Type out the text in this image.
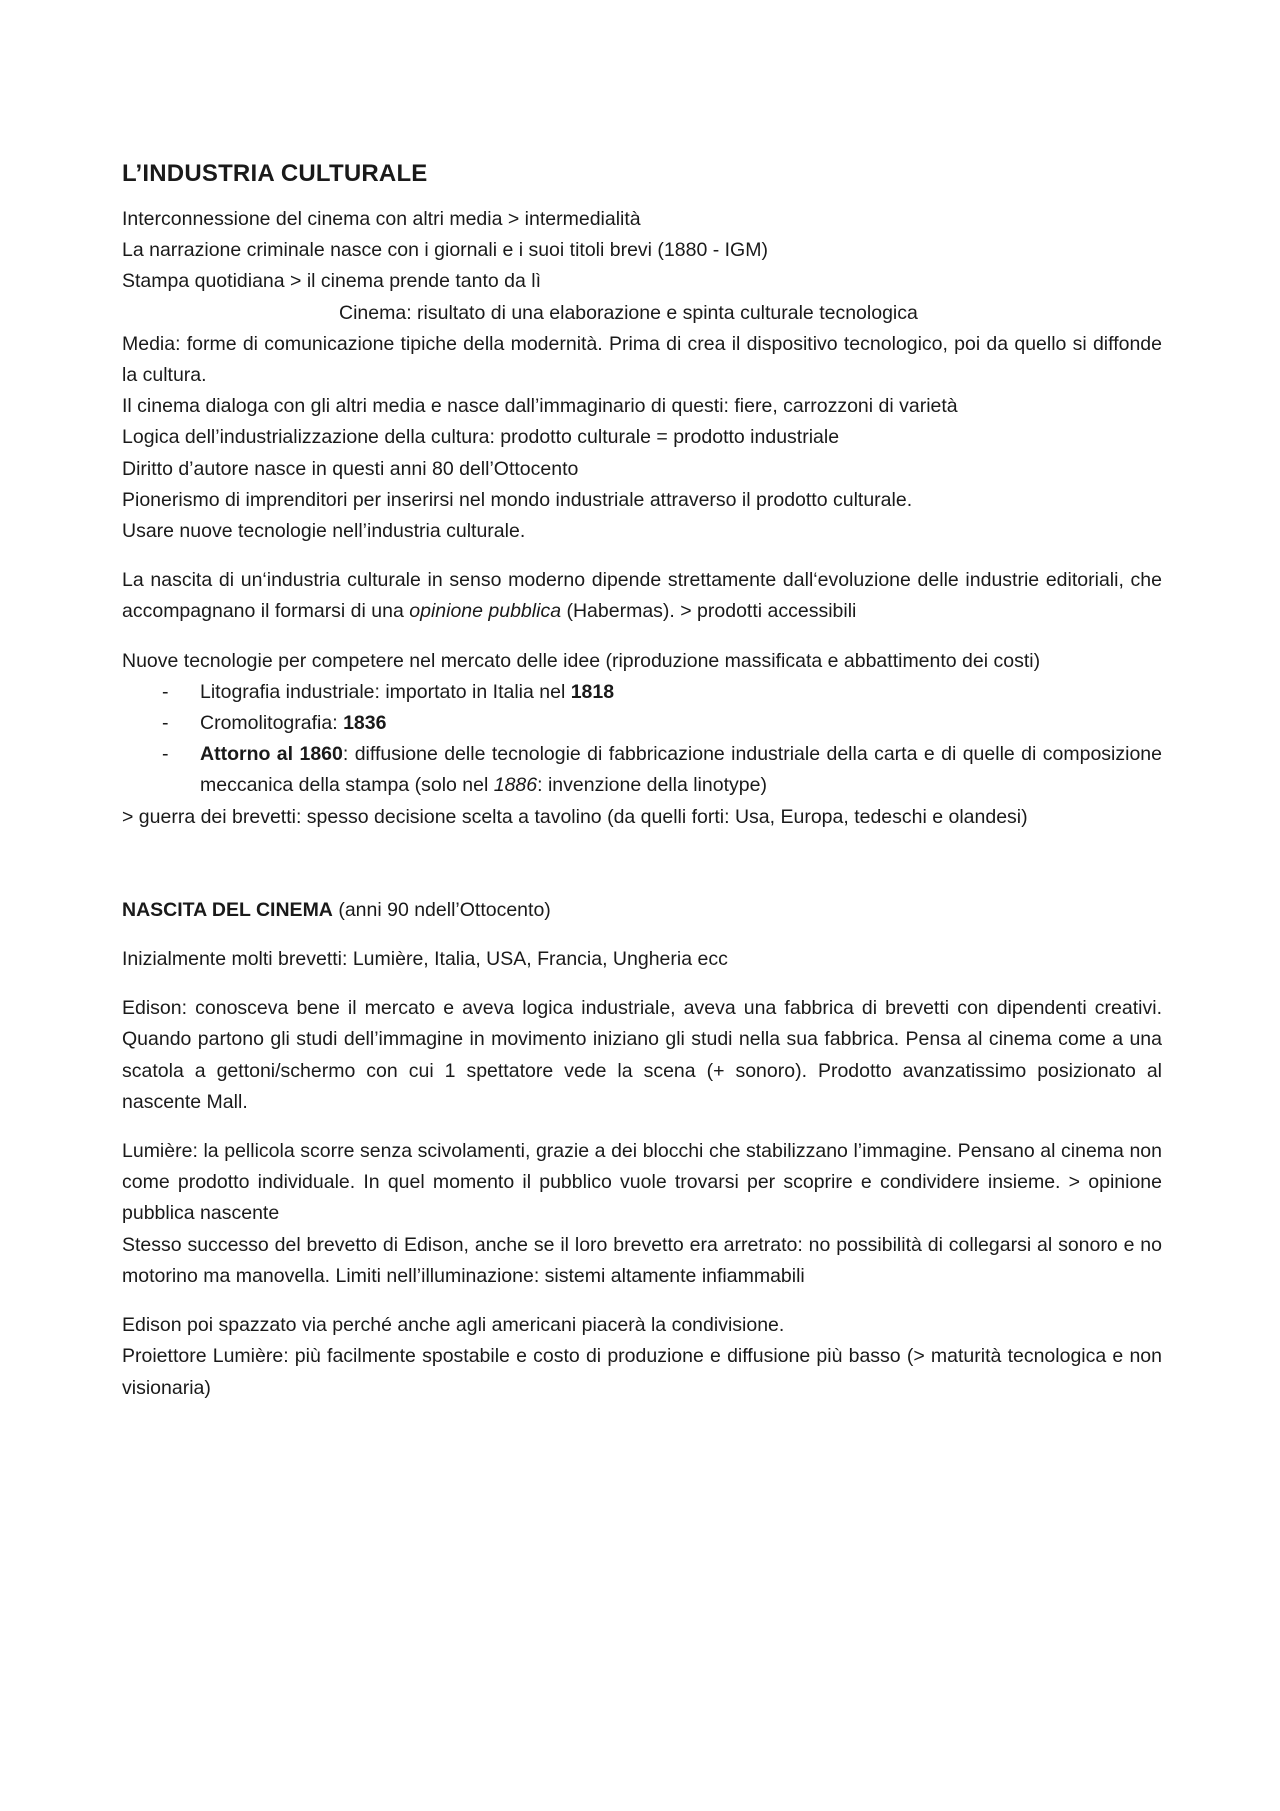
L’INDUSTRIA CULTURALE

Interconnessione del cinema con altri media > intermedialità

La narrazione criminale nasce con i giornali e i suoi titoli brevi (1880 - IGM)

Stampa quotidiana > il cinema prende tanto da lì

Cinema: risultato di una elaborazione e spinta culturale tecnologica

Media: forme di comunicazione tipiche della modernità. Prima di crea il dispositivo tecnologico, poi da quello si diffonde la cultura.

Il cinema dialoga con gli altri media e nasce dall’immaginario di questi: fiere, carrozzoni di varietà

Logica dell’industrializzazione della cultura: prodotto culturale = prodotto industriale

Diritto d’autore nasce in questi anni 80 dell’Ottocento

Pionerismo di imprenditori per inserirsi nel mondo industriale attraverso il prodotto culturale.

Usare nuove tecnologie nell’industria culturale.

La nascita di un‘industria culturale in senso moderno dipende strettamente dall‘evoluzione delle industrie editoriali, che accompagnano il formarsi di una opinione pubblica (Habermas). > prodotti accessibili

Nuove tecnologie per competere nel mercato delle idee (riproduzione massificata e abbattimento dei costi)

- Litografia industriale: importato in Italia nel 1818
- Cromolitografia: 1836
- Attorno al 1860: diffusione delle tecnologie di fabbricazione industriale della carta e di quelle di composizione meccanica della stampa (solo nel 1886: invenzione della linotype)

> guerra dei brevetti: spesso decisione scelta a tavolino (da quelli forti: Usa, Europa, tedeschi e olandesi)

NASCITA DEL CINEMA (anni 90 ndell’Ottocento)

Inizialmente molti brevetti: Lumière, Italia, USA, Francia, Ungheria ecc

Edison: conosceva bene il mercato e aveva logica industriale, aveva una fabbrica di brevetti con dipendenti creativi. Quando partono gli studi dell’immagine in movimento iniziano gli studi nella sua fabbrica. Pensa al cinema come a una scatola a gettoni/schermo con cui 1 spettatore vede la scena (+ sonoro). Prodotto avanzatissimo posizionato al nascente Mall.

Lumière: la pellicola scorre senza scivolamenti, grazie a dei blocchi che stabilizzano l’immagine. Pensano al cinema non come prodotto individuale. In quel momento il pubblico vuole trovarsi per scoprire e condividere insieme. > opinione pubblica nascente

Stesso successo del brevetto di Edison, anche se il loro brevetto era arretrato: no possibilità di collegarsi al sonoro e no motorino ma manovella. Limiti nell’illuminazione: sistemi altamente infiammabili

Edison poi spazzato via perché anche agli americani piacerà la condivisione.

Proiettore Lumière: più facilmente spostabile e costo di produzione e diffusione più basso (> maturità tecnologica e non visionaria)
